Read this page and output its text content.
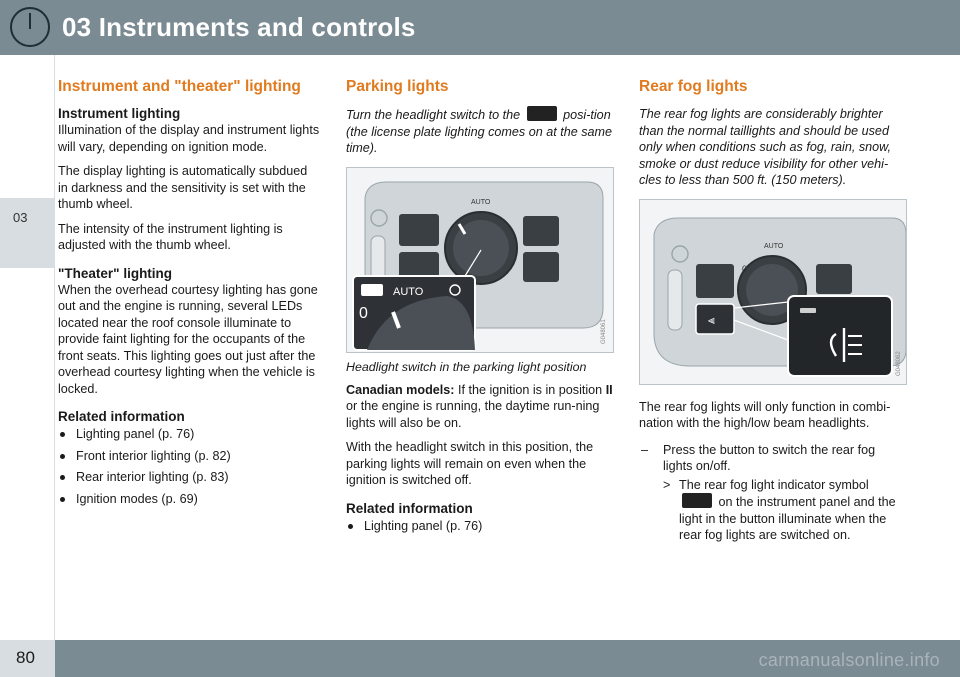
03 Instruments and controls
03
Instrument and "theater" lighting
Instrument lighting

Illumination of the display and instrument lights will vary, depending on ignition mode.

The display lighting is automatically subdued in darkness and the sensitivity is set with the thumb wheel.

The intensity of the instrument lighting is adjusted with the thumb wheel.

"Theater" lighting

When the overhead courtesy lighting has gone out and the engine is running, several LEDs located near the roof console illuminate to provide faint lighting for the occupants of the front seats. This lighting goes out just after the overhead courtesy lighting when the vehicle is locked.

Related information
Lighting panel (p. 76)
Front interior lighting (p. 82)
Rear interior lighting (p. 83)
Ignition modes (p. 69)
Parking lights

Turn the headlight switch to the	posi-tion (the license plate lighting comes on at the same time).

AUTO
AUTO
0
G048061

Headlight switch in the parking light position

Canadian models: If the ignition is in position II or the engine is running, the daytime run-ning lights will also be on.

With the headlight switch in this position, the parking lights will remain on even when the ignition is switched off.

Related information
Lighting panel (p. 76)
Rear fog lights

The rear fog lights are considerably brighter than the normal taillights and should be used only when conditions such as fog, rain, snow, smoke or dust reduce visibility for other vehi-cles to less than 500 ft. (150 meters).

⫷
AUTO
0
G048062

The rear fog lights will only function in combi-nation with the high/low beam headlights.

– Press the button to switch the rear fog lights on/off.
> The rear fog light indicator symbol
on the instrument panel and the light in the button illuminate when the rear fog lights are switched on.
80	carmanualsonline.info
